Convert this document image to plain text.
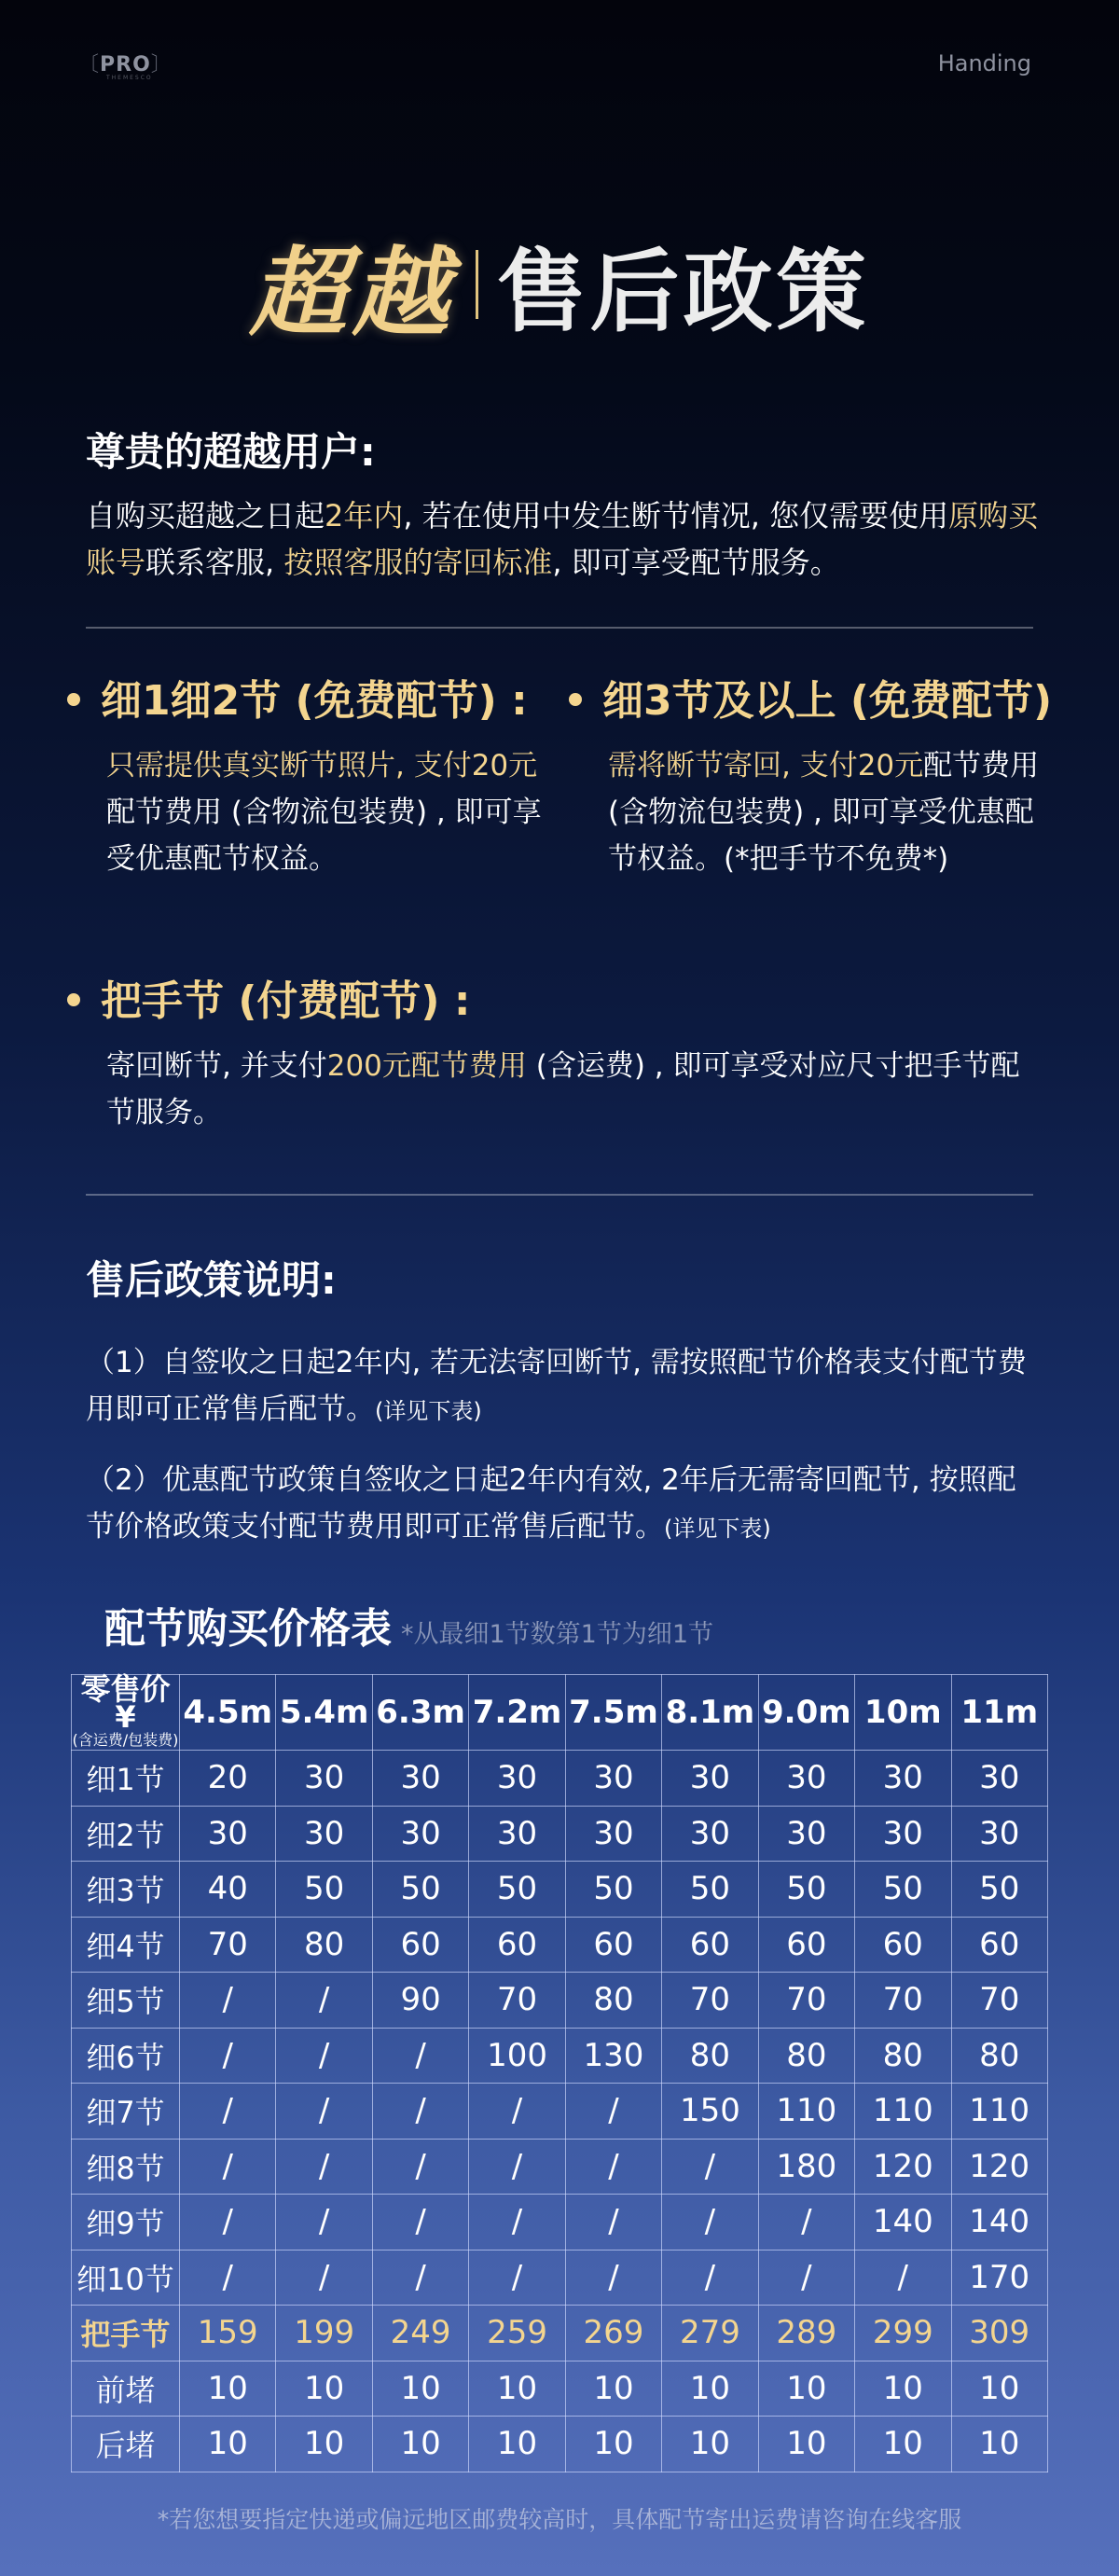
〔PRO〕
THEMESCO
Handing
超越 售后政策
尊贵的超越用户:
自购买超越之日起2年内, 若在使用中发生断节情况, 您仅需要使用原购买账号联系客服, 按照客服的寄回标准, 即可享受配节服务。
细1细2节 (免费配节) :
只需提供真实断节照片, 支付20元配节费用 (含物流包装费) , 即可享受优惠配节权益。
细3节及以上 (免费配节)
需将断节寄回, 支付20元配节费用 (含物流包装费) , 即可享受优惠配节权益。(*把手节不免费*)
把手节 (付费配节) :
寄回断节, 并支付200元配节费用 (含运费) , 即可享受对应尺寸把手节配节服务。
售后政策说明:
（1）自签收之日起2年内, 若无法寄回断节, 需按照配节价格表支付配节费用即可正常售后配节。(详见下表)
（2）优惠配节政策自签收之日起2年内有效, 2年后无需寄回配节, 按照配节价格政策支付配节费用即可正常售后配节。(详见下表)
配节购买价格表 *从最细1节数第1节为细1节
零售价¥
(含运费/包装费)	4.5m	5.4m	6.3m	7.2m	7.5m	8.1m	9.0m	10m	11m
细1节	20	30	30	30	30	30	30	30	30
细2节	30	30	30	30	30	30	30	30	30
细3节	40	50	50	50	50	50	50	50	50
细4节	70	80	60	60	60	60	60	60	60
细5节	/	/	90	70	80	70	70	70	70
细6节	/	/	/	100	130	80	80	80	80
细7节	/	/	/	/	/	150	110	110	110
细8节	/	/	/	/	/	/	180	120	120
细9节	/	/	/	/	/	/	/	140	140
细10节	/	/	/	/	/	/	/	/	170
把手节	159	199	249	259	269	279	289	299	309
前堵	10	10	10	10	10	10	10	10	10
后堵	10	10	10	10	10	10	10	10	10
*若您想要指定快递或偏远地区邮费较高时，具体配节寄出运费请咨询在线客服
